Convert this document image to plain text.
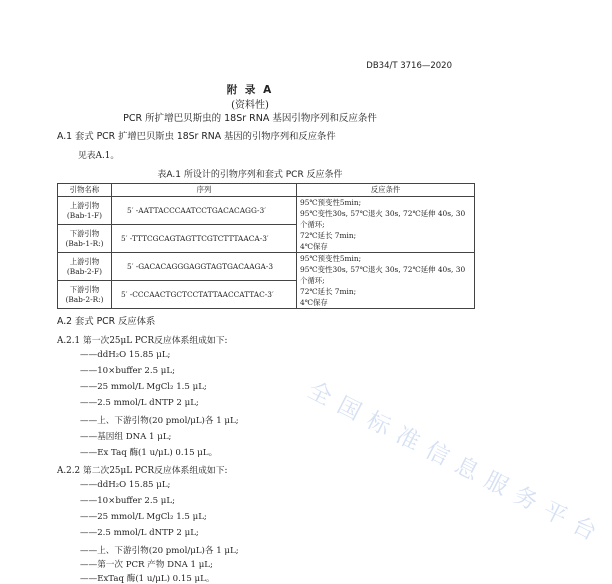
DB34/T 3716—2020
附 录 A
(资料性)
PCR 所扩增巴贝斯虫的 18Sr RNA 基因引物序列和反应条件
A.1 套式 PCR 扩增巴贝斯虫 18Sr RNA 基因的引物序列和反应条件
见表A.1。
表A.1 所设计的引物序列和套式 PCR 反应条件
引物名称	序列	反应条件
上游引物
(Bab-1-F)	5′ -AATTACCCAATCCTGACACAGG-3′	95℃预变性5min;
95℃变性30s, 57℃退火 30s, 72℃延伸 40s, 30个循环;
72℃延长 7min;
4℃保存
下游引物
(Bab-1-R:)	5′ -TTTCGCAGTAGTTCGTCTTTAACA-3′	
上游引物
(Bab-2-F)	5′ -GACACAGGGAGGTAGTGACAAGA-3	95℃预变性5min;
95℃变性30s, 57℃退火 30s, 72℃延伸 40s, 30个循环;
72℃延长 7min;
4℃保存
下游引物
(Bab-2-R:)	5′ -CCCAACTGCTCCTATTAACCATTAC-3′	
A.2 套式 PCR 反应体系
A.2.1 第一次25μL PCR反应体系组成如下:
——ddH₂O 15.85 μL;
——10×buffer 2.5 μL;
——25 mmol/L MgCl₂ 1.5 μL;
——2.5 mmol/L dNTP 2 μL;
——上、下游引物(20 pmol/μL)各 1 μL;
——基因组 DNA 1 μL;
——Ex Taq 酶(1 u/μL) 0.15 μL。
A.2.2 第二次25μL PCR反应体系组成如下:
——ddH₂O 15.85 μL;
——10×buffer 2.5 μL;
——25 mmol/L MgCl₂ 1.5 μL;
——2.5 mmol/L dNTP 2 μL;
——上、下游引物(20 pmol/μL)各 1 μL;
——第一次 PCR 产物 DNA 1 μL;
——ExTaq 酶(1 u/μL) 0.15 μL。
全国标准信息服务平台
